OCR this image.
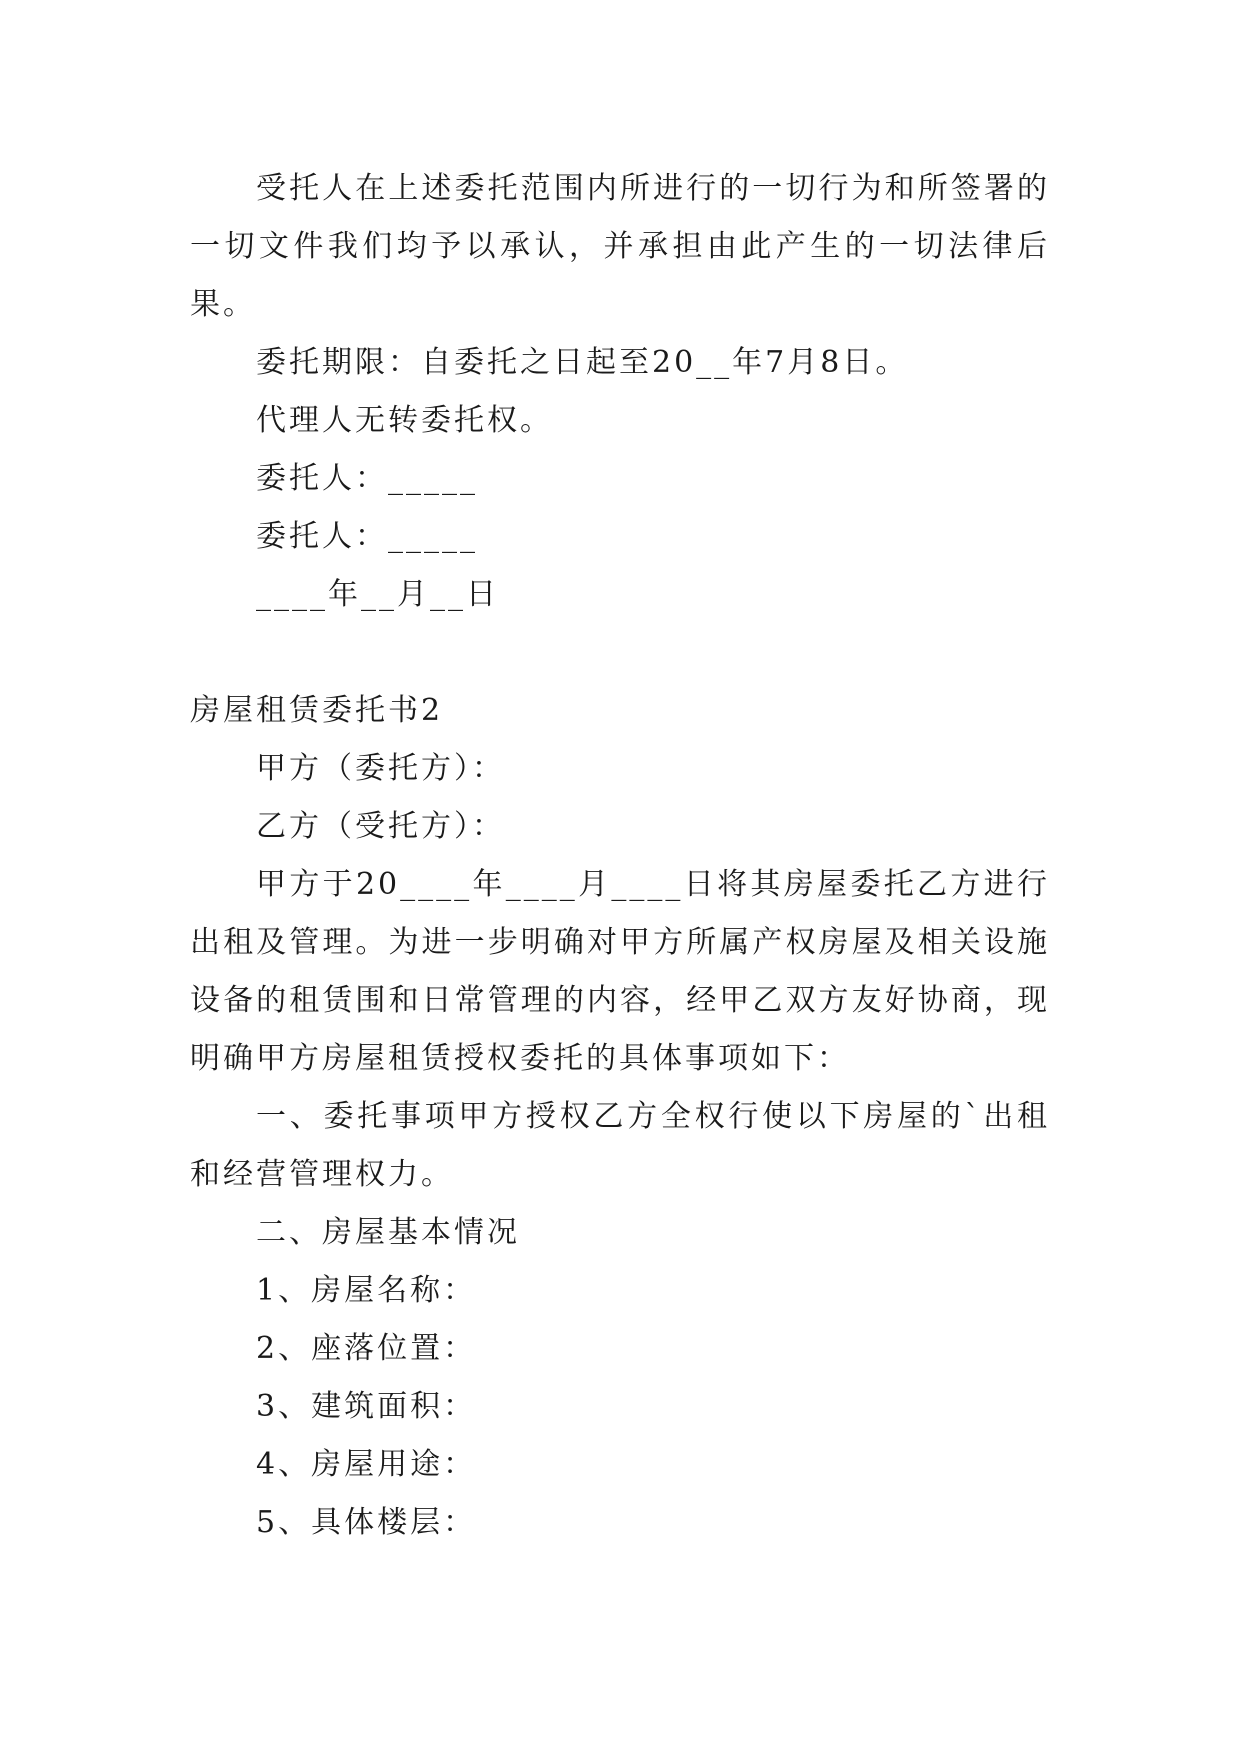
受托人在上述委托范围内所进行的一切行为和所签署的一切文件我们均予以承认，并承担由此产生的一切法律后果。

委托期限：自委托之日起至20__年7月8日。

代理人无转委托权。

委托人：_____

委托人：_____

____年__月__日

房屋租赁委托书2

甲方（委托方）：

乙方（受托方）：

甲方于20____年____月____日将其房屋委托乙方进行出租及管理。为进一步明确对甲方所属产权房屋及相关设施设备的租赁围和日常管理的内容，经甲乙双方友好协商，现明确甲方房屋租赁授权委托的具体事项如下：

一、委托事项甲方授权乙方全权行使以下房屋的`出租和经营管理权力。

二、房屋基本情况

1、房屋名称：

2、座落位置：

3、建筑面积：

4、房屋用途：

5、具体楼层：
